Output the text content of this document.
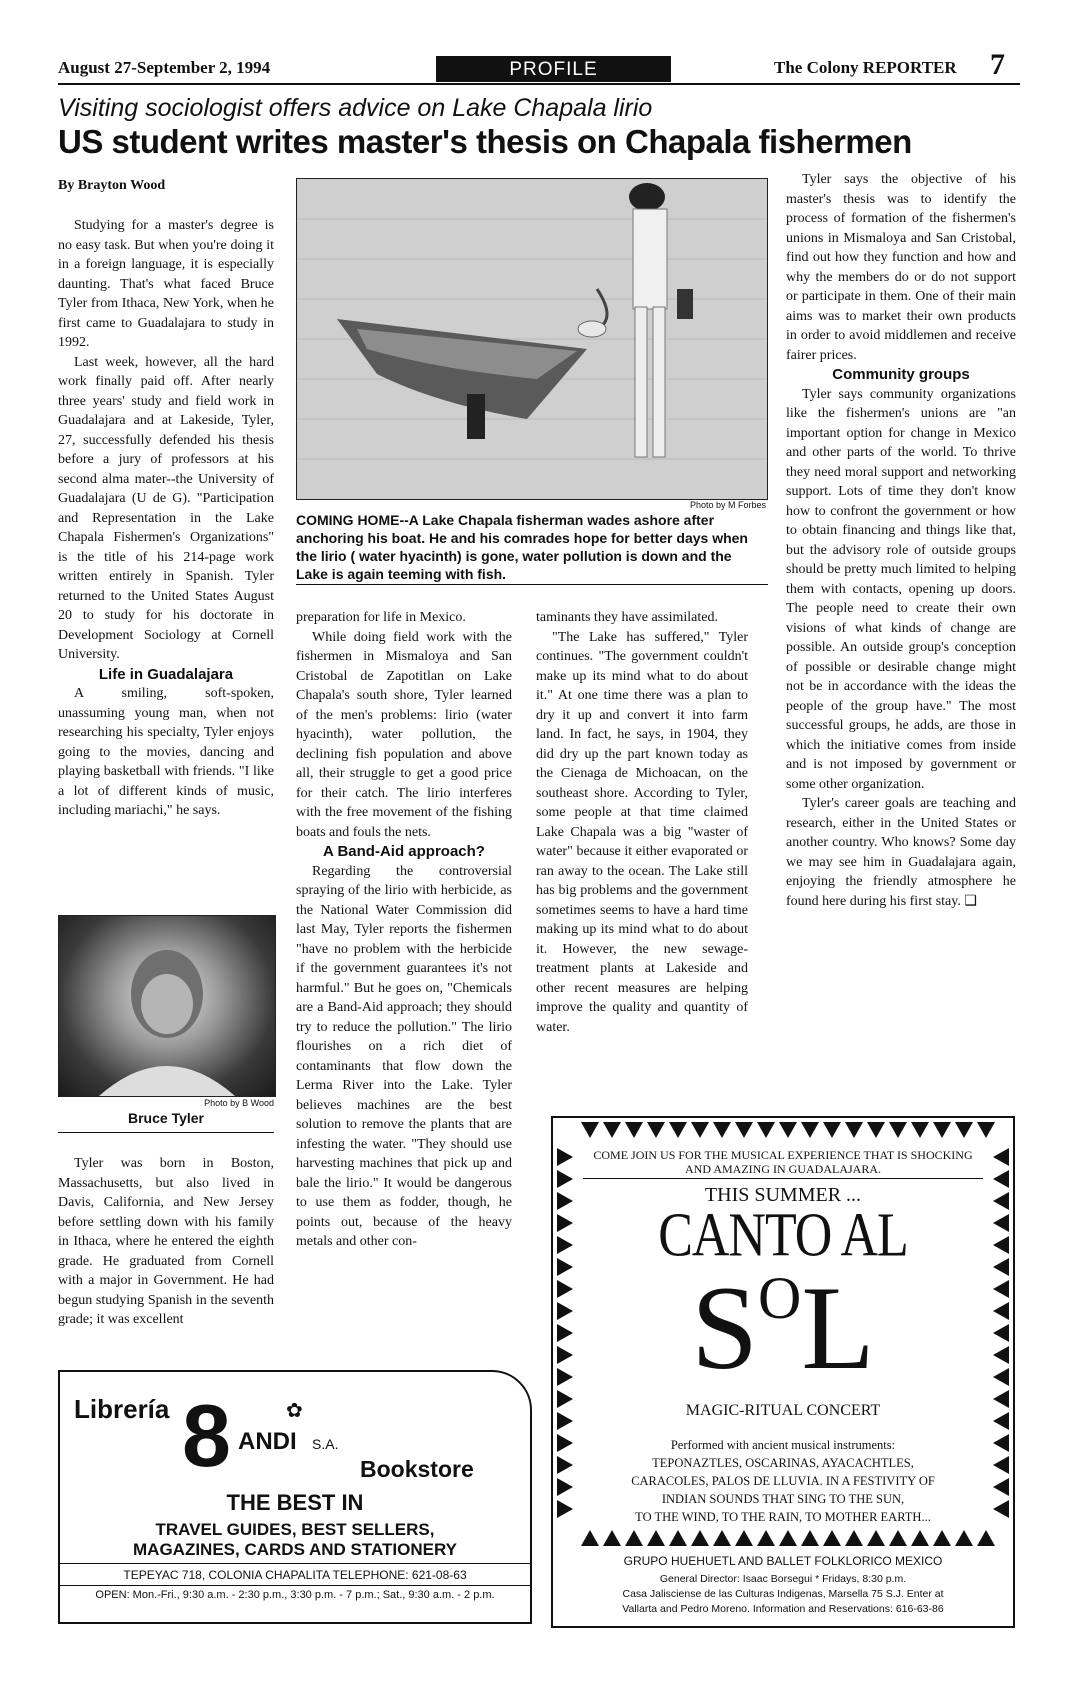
August 27-September 2, 1994	PROFILE	The Colony REPORTER 7
Visiting sociologist offers advice on Lake Chapala lirio
US student writes master's thesis on Chapala fishermen
By Brayton Wood

Studying for a master's degree is no easy task. But when you're doing it in a foreign language, it is especially daunting. That's what faced Bruce Tyler from Ithaca, New York, when he first came to Guadalajara to study in 1992.

Last week, however, all the hard work finally paid off. After nearly three years' study and field work in Guadalajara and at Lakeside, Tyler, 27, successfully defended his thesis before a jury of professors at his second alma mater--the University of Guadalajara (U de G). "Participation and Representation in the Lake Chapala Fishermen's Organizations" is the title of his 214-page work written entirely in Spanish. Tyler returned to the United States August 20 to study for his doctorate in Development Sociology at Cornell University.

Life in Guadalajara

A smiling, soft-spoken, unassuming young man, when not researching his specialty, Tyler enjoys going to the movies, dancing and playing basketball with friends. "I like a lot of different kinds of music, including mariachi," he says.

Photo by B Wood
Bruce Tyler

Tyler was born in Boston, Massachusetts, but also lived in Davis, California, and New Jersey before settling down with his family in Ithaca, where he entered the eighth grade. He graduated from Cornell with a major in Government. He had begun studying Spanish in the seventh grade; it was excellent

Photo by M Forbes
COMING HOME--A Lake Chapala fisherman wades ashore after anchoring his boat. He and his comrades hope for better days when the lirio ( water hyacinth) is gone, water pollution is down and the Lake is again teeming with fish.

preparation for life in Mexico.

While doing field work with the fishermen in Mismaloya and San Cristobal de Zapotitlan on Lake Chapala's south shore, Tyler learned of the men's problems: lirio (water hyacinth), water pollution, the declining fish population and above all, their struggle to get a good price for their catch. The lirio interferes with the free movement of the fishing boats and fouls the nets.

A Band-Aid approach?

Regarding the controversial spraying of the lirio with herbicide, as the National Water Commission did last May, Tyler reports the fishermen "have no problem with the herbicide if the government guarantees it's not harmful." But he goes on, "Chemicals are a Band-Aid approach; they should try to reduce the pollution." The lirio flourishes on a rich diet of contaminants that flow down the Lerma River into the Lake. Tyler believes machines are the best solution to remove the plants that are infesting the water. "They should use harvesting machines that pick up and bale the lirio." It would be dangerous to use them as fodder, though, he points out, because of the heavy metals and other con-

taminants they have assimilated.

"The Lake has suffered," Tyler continues. "The government couldn't make up its mind what to do about it." At one time there was a plan to dry it up and convert it into farm land. In fact, he says, in 1904, they did dry up the part known today as the Cienaga de Michoacan, on the southeast shore. According to Tyler, some people at that time claimed Lake Chapala was a big "waster of water" because it either evaporated or ran away to the ocean. The Lake still has big problems and the government sometimes seems to have a hard time making up its mind what to do about it. However, the new sewage-treatment plants at Lakeside and other recent measures are helping improve the quality and quantity of water.

Tyler says the objective of his master's thesis was to identify the process of formation of the fishermen's unions in Mismaloya and San Cristobal, find out how they function and how and why the members do or do not support or participate in them. One of their main aims was to market their own products in order to avoid middlemen and receive fairer prices.

Community groups

Tyler says community organizations like the fishermen's unions are "an important option for change in Mexico and other parts of the world. To thrive they need moral support and networking support. Lots of time they don't know how to confront the government or how to obtain financing and things like that, but the advisory role of outside groups should be pretty much limited to helping them with contacts, opening up doors. The people need to create their own visions of what kinds of change are possible. An outside group's conception of possible or desirable change might not be in accordance with the ideas the people of the group have." The most successful groups, he adds, are those in which the initiative comes from inside and is not imposed by government or some other organization.

Tyler's career goals are teaching and research, either in the United States or another country. Who knows? Some day we may see him in Guadalajara again, enjoying the friendly atmosphere he found here during his first stay. ❑

Librería 8	✿
ANDI S.A.
Bookstore
THE BEST IN
TRAVEL GUIDES, BEST SELLERS,
MAGAZINES, CARDS AND STATIONERY
TEPEYAC 718, COLONIA CHAPALITA TELEPHONE: 621-08-63
OPEN: Mon.-Fri., 9:30 a.m. - 2:30 p.m., 3:30 p.m. - 7 p.m.; Sat., 9:30 a.m. - 2 p.m.
COME JOIN US FOR THE MUSICAL EXPERIENCE THAT IS SHOCKING AND AMAZING IN GUADALAJARA.
THIS SUMMER ...
CANTO AL
SOL
MAGIC-RITUAL CONCERT
Performed with ancient musical instruments:
TEPONAZTLES, OSCARINAS, AYACACHTLES,
CARACOLES, PALOS DE LLUVIA. IN A FESTIVITY OF
INDIAN SOUNDS THAT SING TO THE SUN,
TO THE WIND, TO THE RAIN, TO MOTHER EARTH...
GRUPO HUEHUETL AND BALLET FOLKLORICO MEXICO
General Director: Isaac Borsegui * Fridays, 8:30 p.m.
Casa Jalisciense de las Culturas Indigenas, Marsella 75 S.J. Enter at
Vallarta and Pedro Moreno. Information and Reservations: 616-63-86
